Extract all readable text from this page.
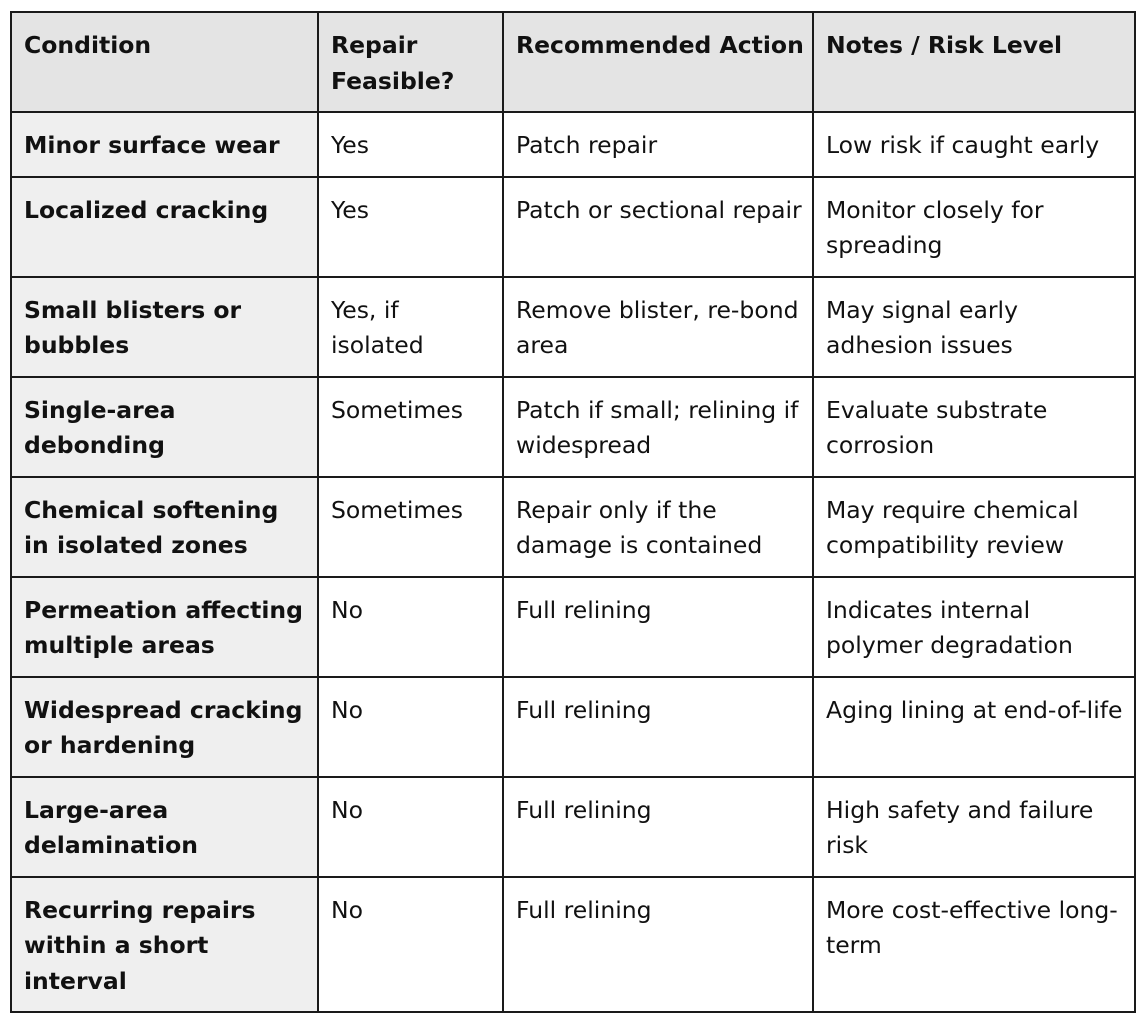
Condition	Repair Feasible?	Recommended Action	Notes / Risk Level
Minor surface wear	Yes	Patch repair	Low risk if caught early
Localized cracking	Yes	Patch or sectional repair	Monitor closely for spreading
Small blisters or bubbles	Yes, if isolated	Remove blister, re-bond area	May signal early adhesion issues
Single-area debonding	Sometimes	Patch if small; relining if widespread	Evaluate substrate corrosion
Chemical softening in isolated zones	Sometimes	Repair only if the damage is contained	May require chemical compatibility review
Permeation affecting multiple areas	No	Full relining	Indicates internal polymer degradation
Widespread cracking or hardening	No	Full relining	Aging lining at end-of-life
Large-area delamination	No	Full relining	High safety and failure risk
Recurring repairs within a short interval	No	Full relining	More cost-effective long-term
